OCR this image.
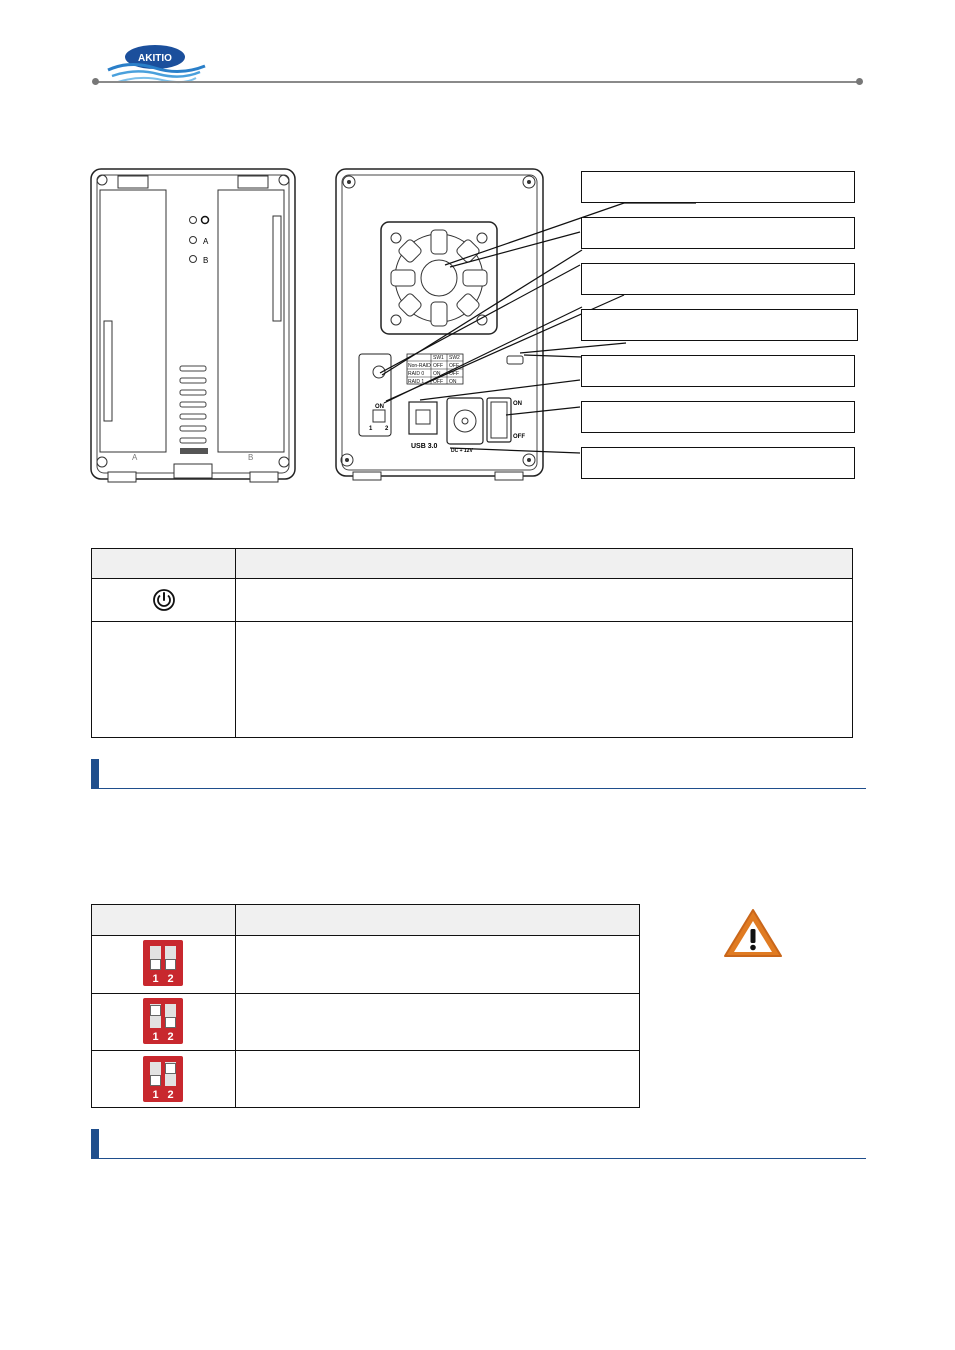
AKITIO
A
B
A	B
ON
1 2
SW1 SW2
Non-RAID OFF OFF
RAID 0 ON OFF
RAID 1 OFF ON
USB 3.0
DC + 12V
ON
OFF

1 2
1 2
1 2
